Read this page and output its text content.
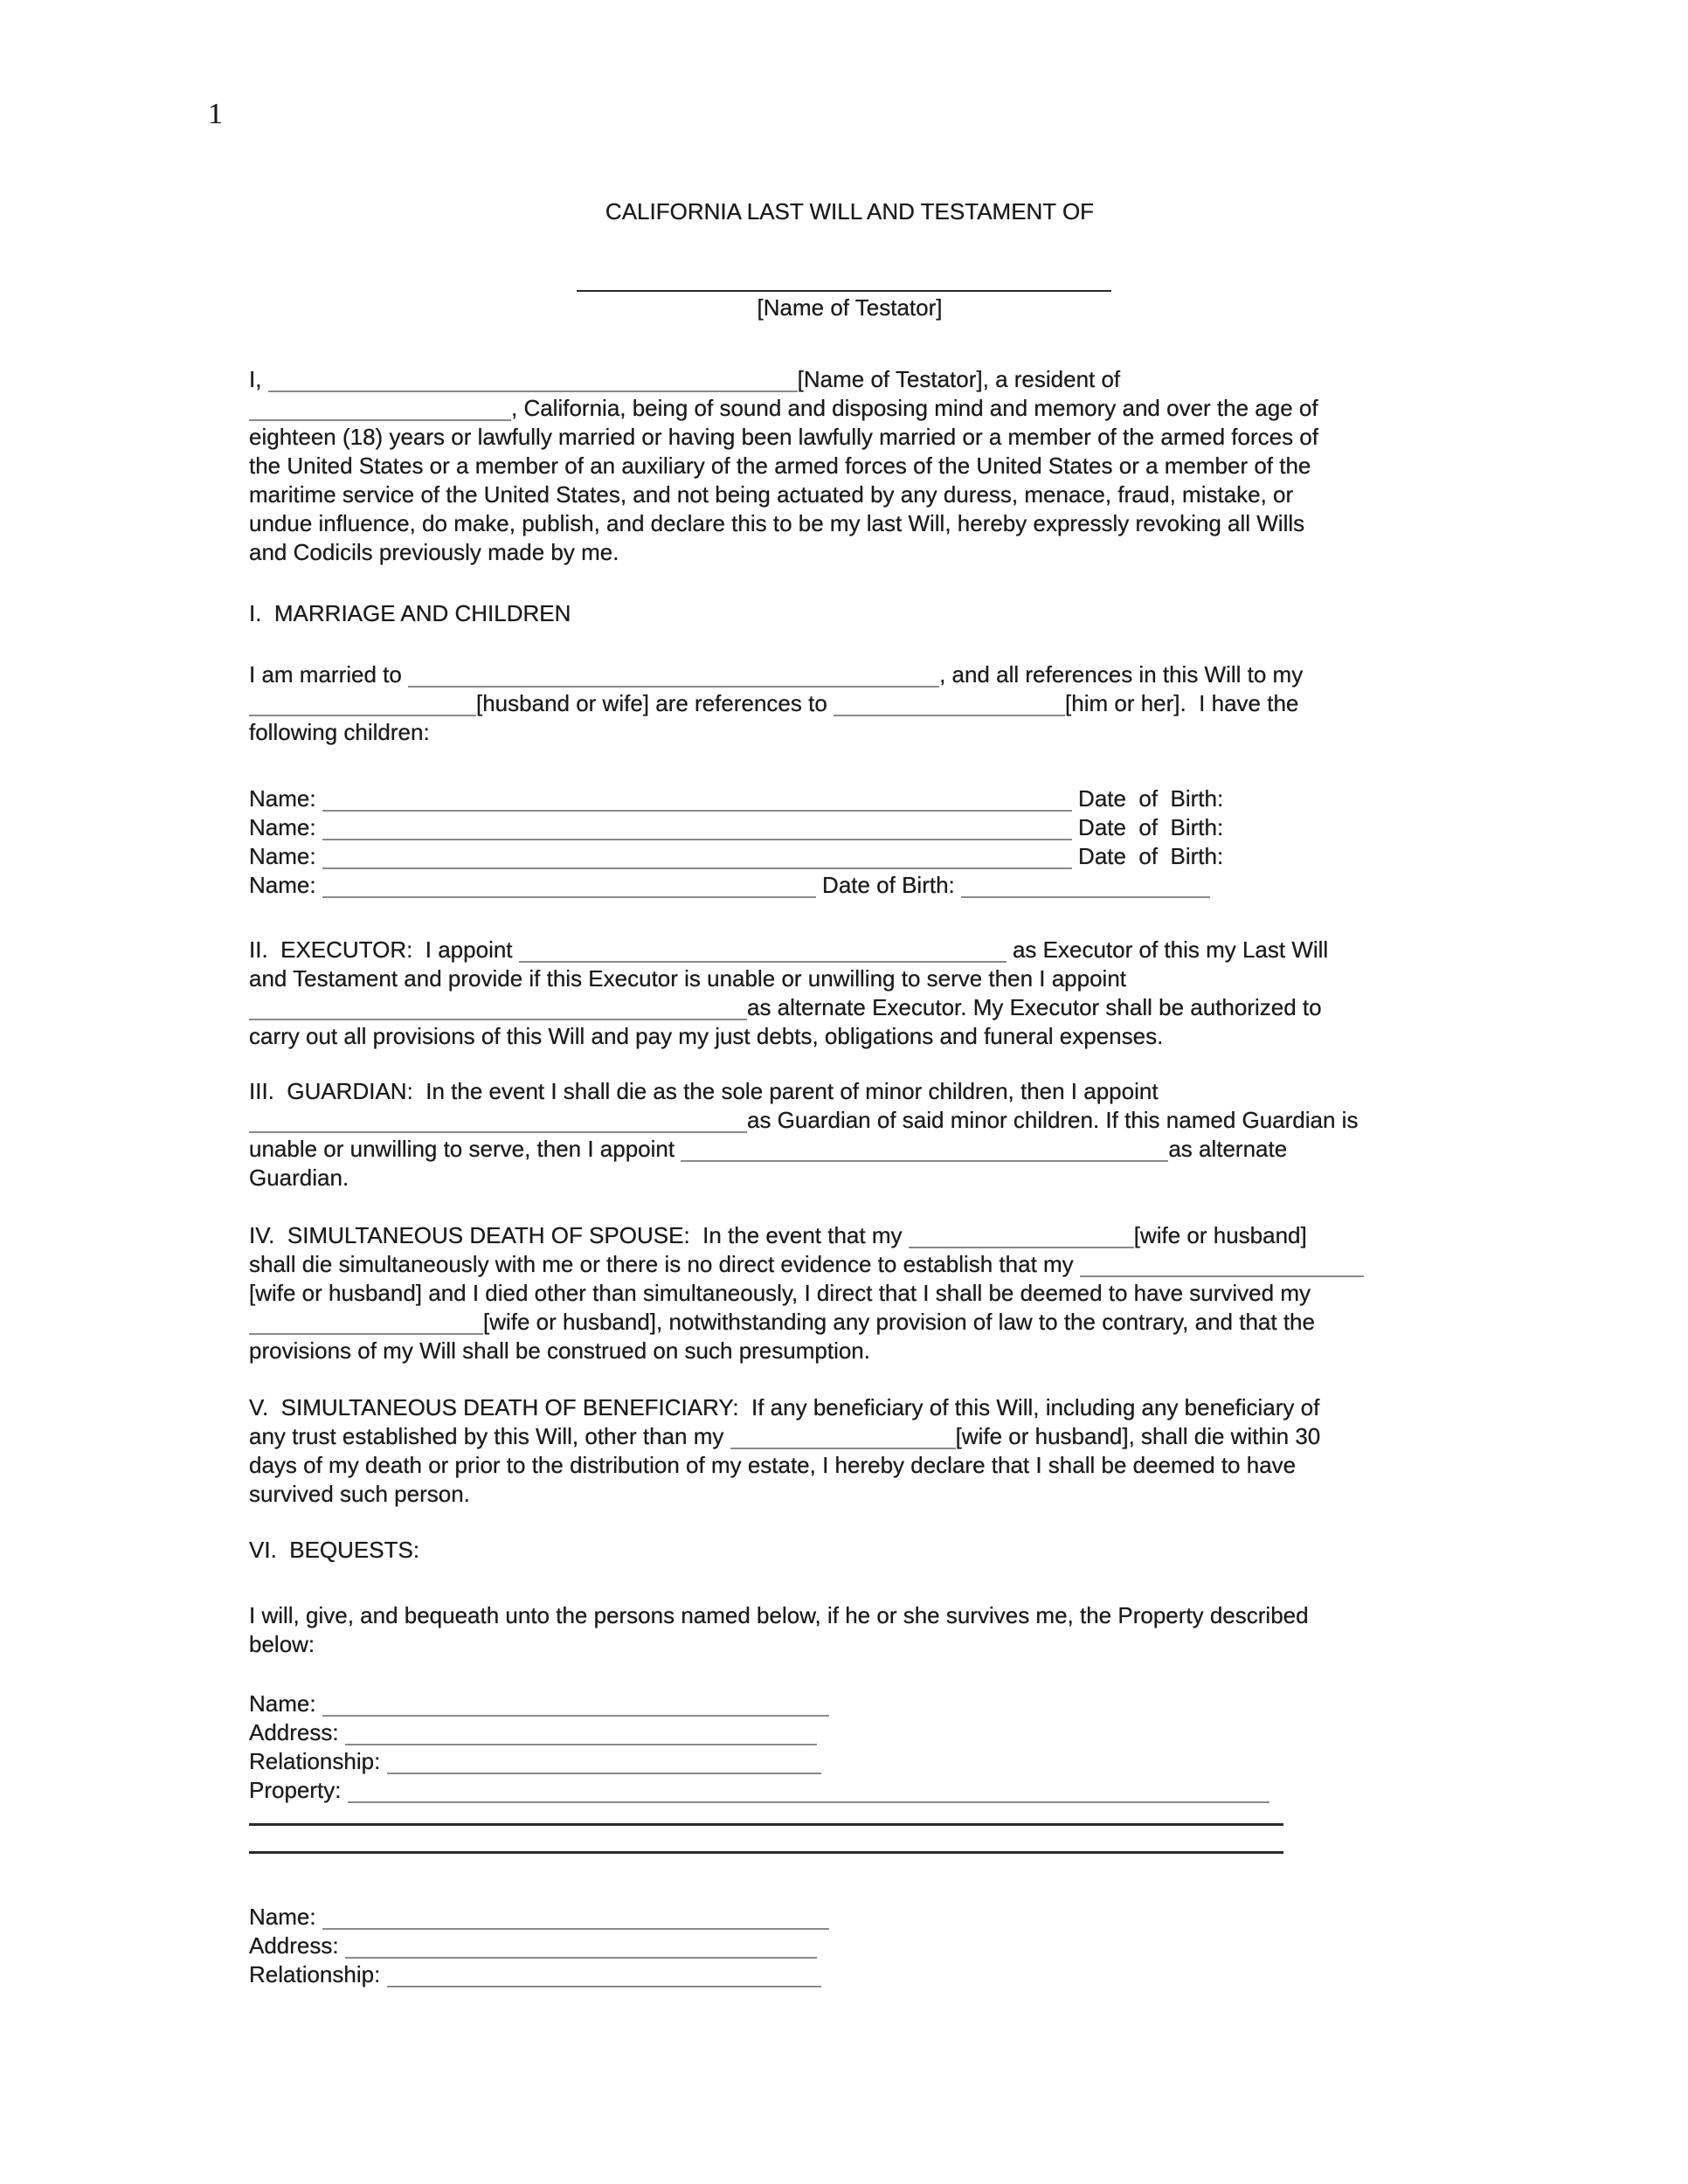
1
CALIFORNIA LAST WILL AND TESTAMENT OF
[Name of Testator]
I,	[Name of Testator], a resident of
, California, being of sound and disposing mind and memory and over the age of
eighteen (18) years or lawfully married or having been lawfully married or a member of the armed forces of
the United States or a member of an auxiliary of the armed forces of the United States or a member of the
maritime service of the United States, and not being actuated by any duress, menace, fraud, mistake, or
undue influence, do make, publish, and declare this to be my last Will, hereby expressly revoking all Wills
and Codicils previously made by me.
I.  MARRIAGE AND CHILDREN
I am married to	, and all references in this Will to my
[husband or wife] are references to	[him or her].  I have the
following children:
Name:	Date  of  Birth:
Name:	Date  of  Birth:
Name:	Date  of  Birth:
Name:	Date of Birth:
II.  EXECUTOR:  I appoint	as Executor of this my Last Will
and Testament and provide if this Executor is unable or unwilling to serve then I appoint
as alternate Executor. My Executor shall be authorized to
carry out all provisions of this Will and pay my just debts, obligations and funeral expenses.
III.  GUARDIAN:  In the event I shall die as the sole parent of minor children, then I appoint
as Guardian of said minor children. If this named Guardian is
unable or unwilling to serve, then I appoint	as alternate
Guardian.
IV.  SIMULTANEOUS DEATH OF SPOUSE:  In the event that my	[wife or husband]
shall die simultaneously with me or there is no direct evidence to establish that my
[wife or husband] and I died other than simultaneously, I direct that I shall be deemed to have survived my
[wife or husband], notwithstanding any provision of law to the contrary, and that the
provisions of my Will shall be construed on such presumption.
V.  SIMULTANEOUS DEATH OF BENEFICIARY:  If any beneficiary of this Will, including any beneficiary of
any trust established by this Will, other than my	[wife or husband], shall die within 30
days of my death or prior to the distribution of my estate, I hereby declare that I shall be deemed to have
survived such person.
VI.  BEQUESTS:
I will, give, and bequeath unto the persons named below, if he or she survives me, the Property described
below:
Name:
Address:
Relationship:
Property:
Name:
Address:
Relationship:
